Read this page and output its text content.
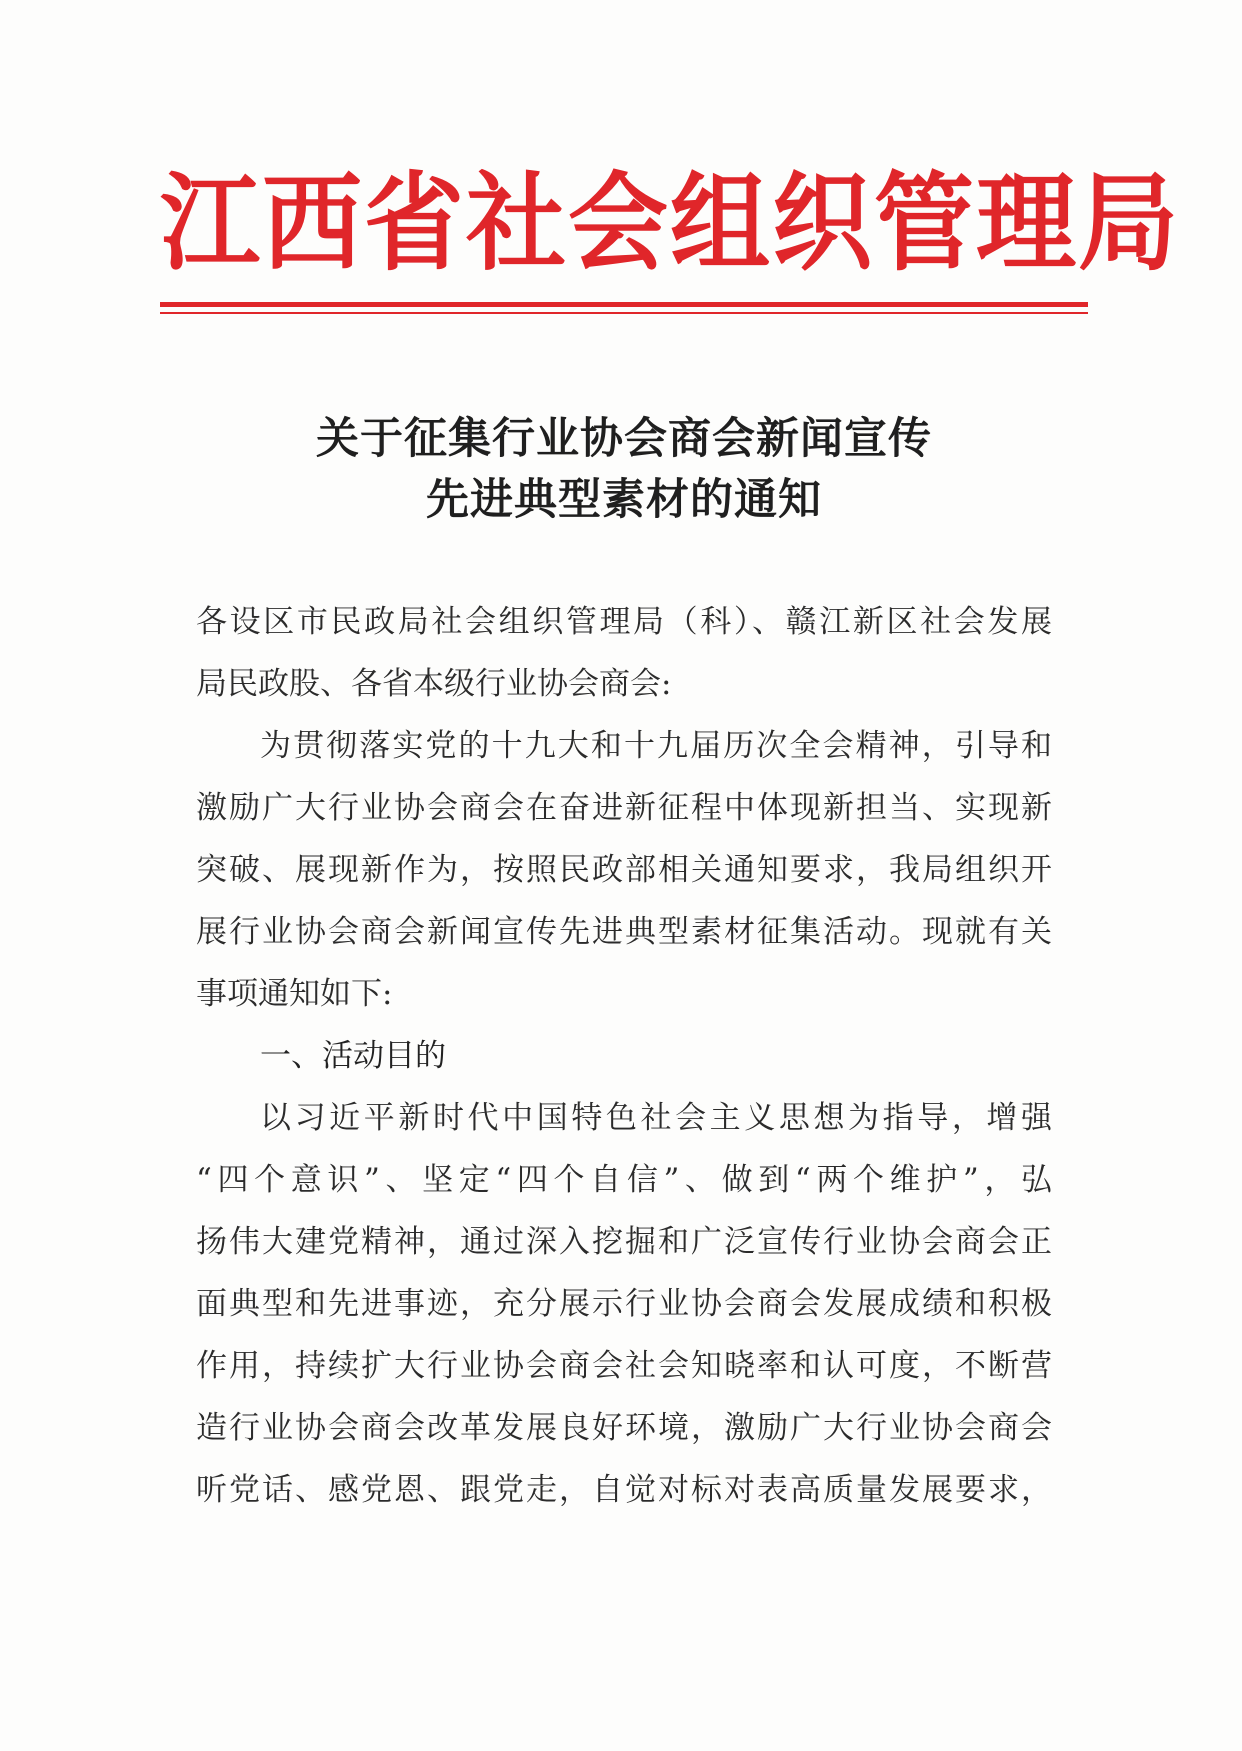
江西省社会组织管理局
关于征集行业协会商会新闻宣传
先进典型素材的通知
各设区市民政局社会组织管理局（科）、赣江新区社会发展
局民政股、各省本级行业协会商会:
为贯彻落实党的十九大和十九届历次全会精神，引导和
激励广大行业协会商会在奋进新征程中体现新担当、实现新
突破、展现新作为，按照民政部相关通知要求，我局组织开
展行业协会商会新闻宣传先进典型素材征集活动。现就有关
事项通知如下:
一、活动目的
以习近平新时代中国特色社会主义思想为指导，增强
“四个意识”、坚定“四个自信”、做到“两个维护”，弘
扬伟大建党精神，通过深入挖掘和广泛宣传行业协会商会正
面典型和先进事迹，充分展示行业协会商会发展成绩和积极
作用，持续扩大行业协会商会社会知晓率和认可度，不断营
造行业协会商会改革发展良好环境，激励广大行业协会商会
听党话、感党恩、跟党走，自觉对标对表高质量发展要求，
